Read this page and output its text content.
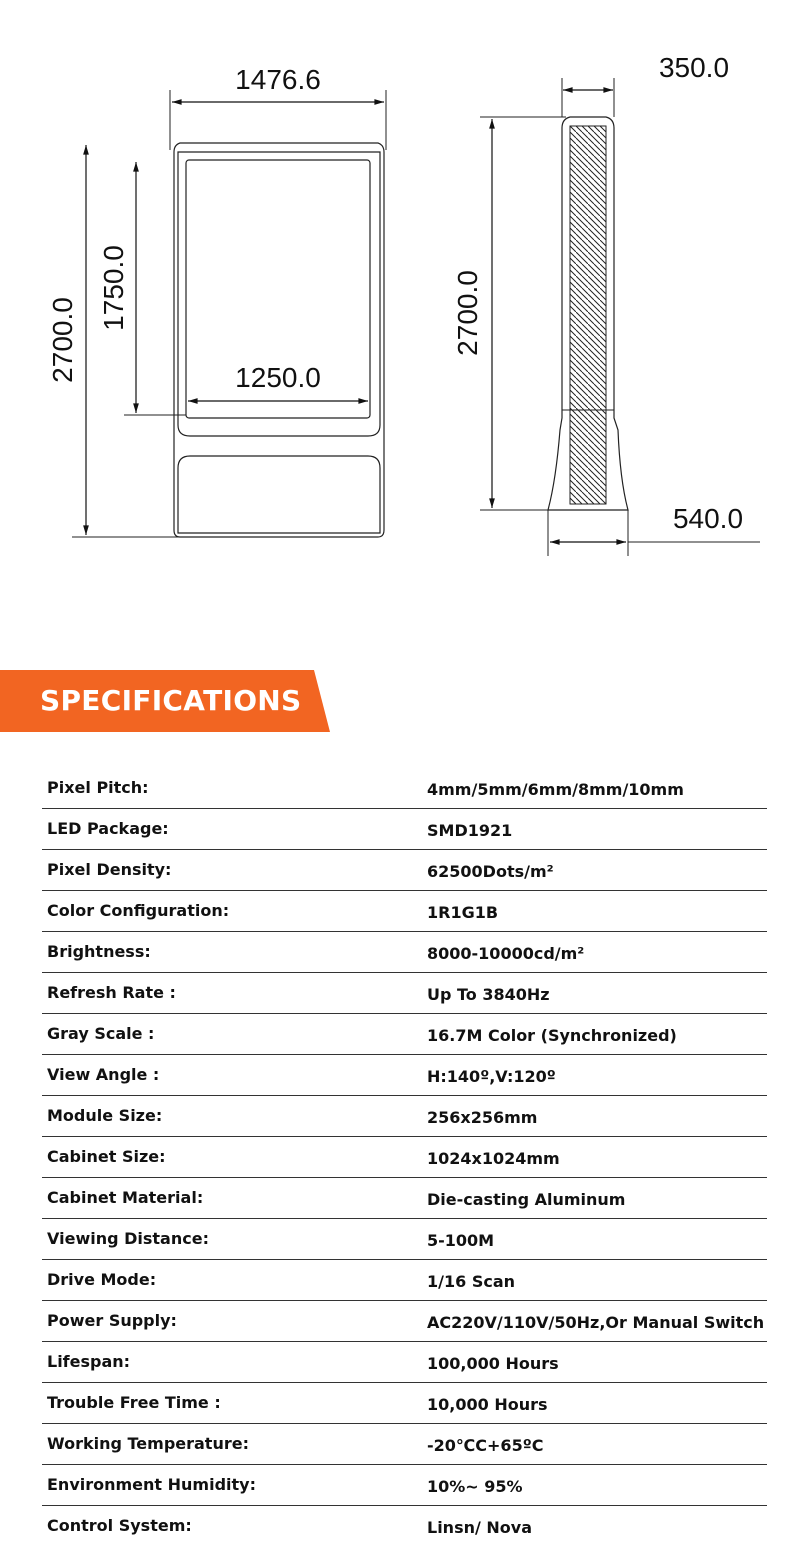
1476.6
2700.0
1750.0
1250.0
350.0
2700.0
540.0
SPECIFICATIONS
Pixel Pitch:	4mm/5mm/6mm/8mm/10mm
LED Package:	SMD1921
Pixel Density:	62500Dots/m²
Color Configuration:	1R1G1B
Brightness:	8000-10000cd/m²
Refresh Rate :	Up To 3840Hz
Gray Scale :	16.7M Color (Synchronized)
View Angle :	H:140º,V:120º
Module Size:	256x256mm
Cabinet Size:	1024x1024mm
Cabinet Material:	Die-casting Aluminum
Viewing Distance:	5-100M
Drive Mode:	1/16 Scan
Power Supply:	AC220V/110V/50Hz,Or Manual Switch
Lifespan:	100,000 Hours
Trouble Free Time :	10,000 Hours
Working Temperature:	-20℃C+65ºC
Environment Humidity:	10%~ 95%
Control System:	Linsn/ Nova
